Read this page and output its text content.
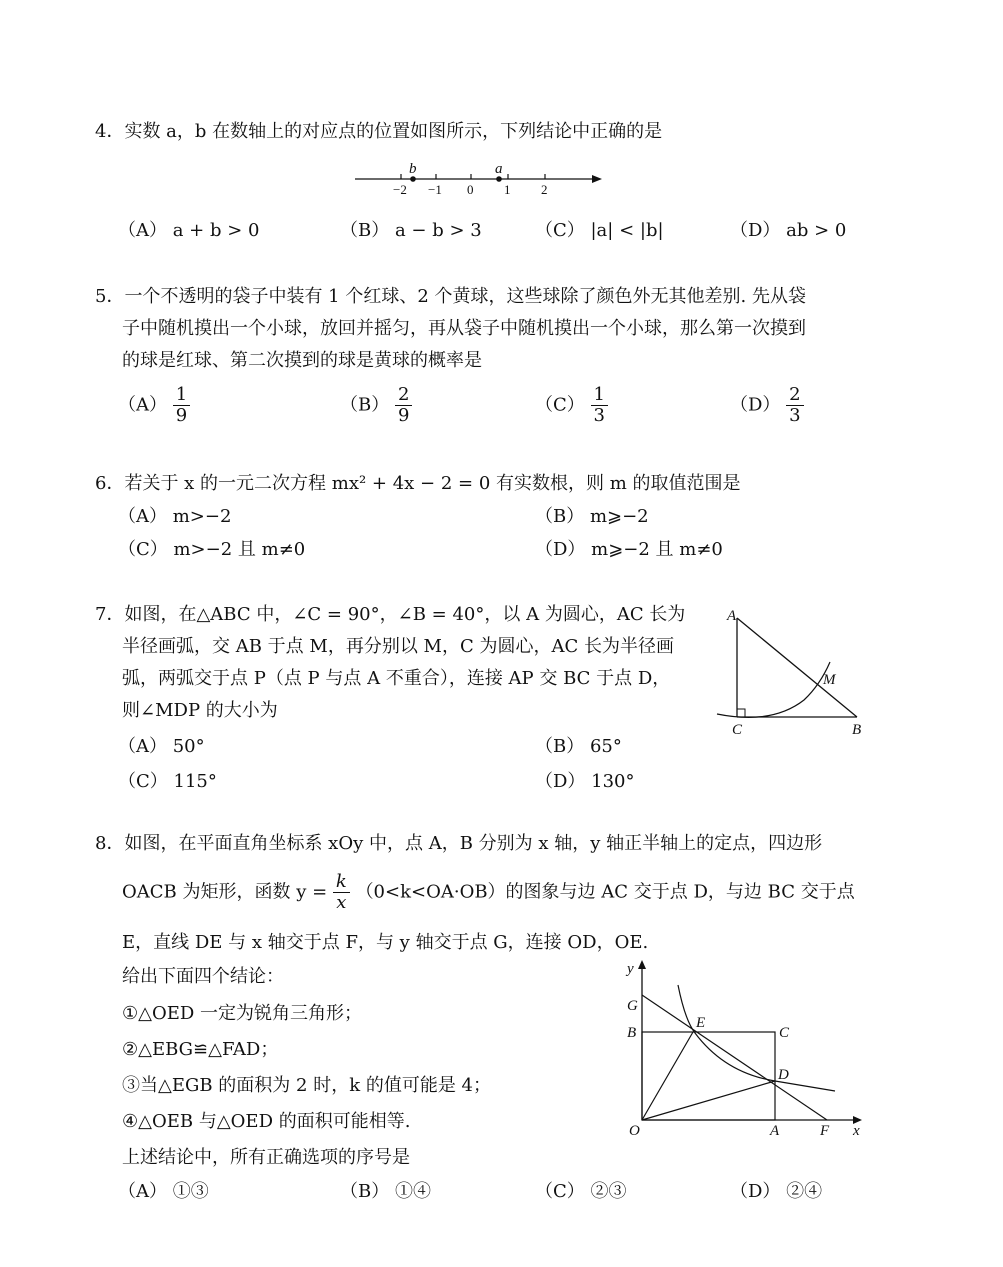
4．实数 a，b 在数轴上的对应点的位置如图所示，下列结论中正确的是
b	a
−2 −1 0 1 2
（A） a + b > 0	（B） a − b > 3	（C） |a| < |b|	（D） ab > 0
5．一个不透明的袋子中装有 1 个红球、2 个黄球，这些球除了颜色外无其他差别. 先从袋
子中随机摸出一个小球，放回并摇匀，再从袋子中随机摸出一个小球，那么第一次摸到
的球是红球、第二次摸到的球是黄球的概率是
$(A) \frac{1}{9}$	$(B) \frac{2}{9}$	$(C) \frac{1}{3}$	$(D) \frac{2}{3}$
6．若关于 x 的一元二次方程 mx² + 4x − 2 = 0 有实数根，则 m 的取值范围是
（A） m>−2	（B） m⩾−2
（C） m>−2 且 m≠0	（D） m⩾−2 且 m≠0
7．如图，在△ABC 中，∠C = 90°，∠B = 40°，以 A 为圆心，AC 长为
半径画弧，交 AB 于点 M，再分别以 M，C 为圆心，AC 长为半径画
弧，两弧交于点 P（点 P 与点 A 不重合），连接 AP 交 BC 于点 D，
则∠MDP 的大小为
（A） 50°	（B） 65°
（C） 115°	（D） 130°
A
M
C	B
8．如图，在平面直角坐标系 xOy 中，点 A，B 分别为 x 轴，y 轴正半轴上的定点，四边形
OACB 为矩形，函数 $y = \frac{k}{x} (0<k<OA\cdot OB)$的图象与边 AC 交于点 D，与边 BC 交于点
E，直线 DE 与 x 轴交于点 F，与 y 轴交于点 G，连接 OD，OE.
给出下面四个结论：
①△OED 一定为锐角三角形；
②△EBG≌△FAD；
③当△EGB 的面积为 2 时，k 的值可能是 4；
④△OEB 与△OED 的面积可能相等.
上述结论中，所有正确选项的序号是
（A） ①③	（B） ①④	（C） ②③	（D） ②④
y
G
B
E
C
D
O	A	F x
